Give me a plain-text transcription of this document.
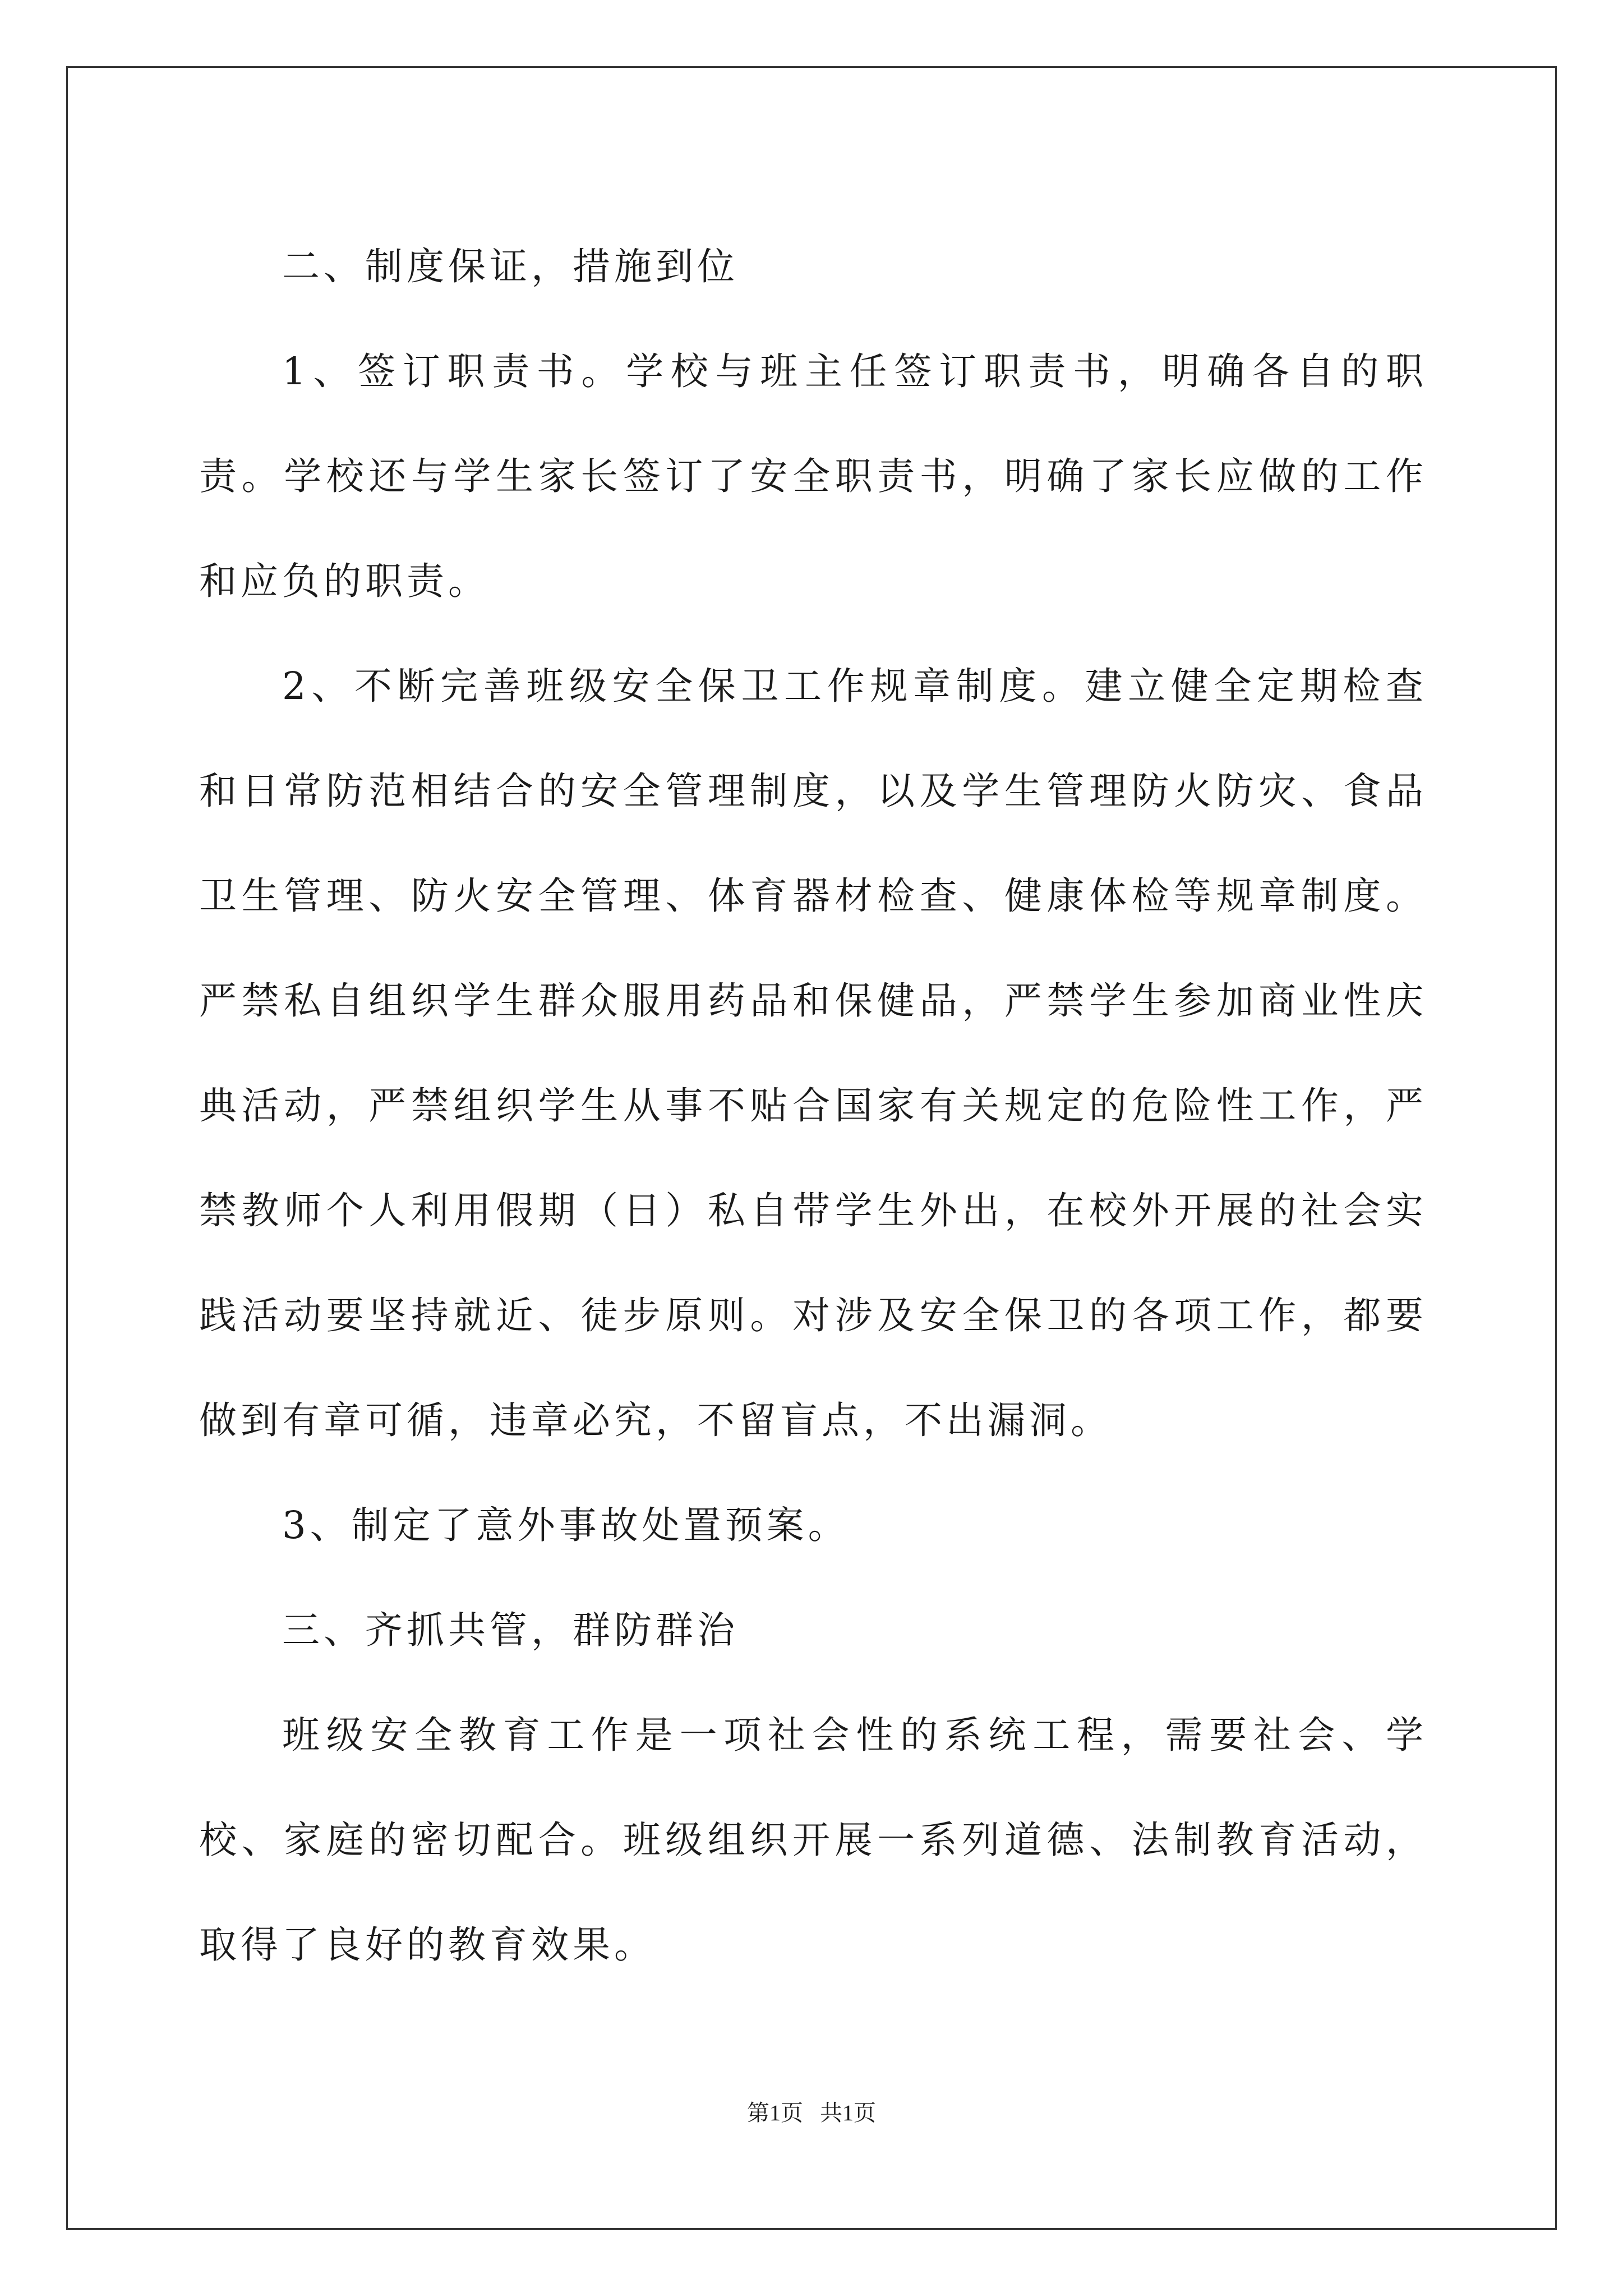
二、制度保证，措施到位

1、签订职责书。学校与班主任签订职责书，明确各自的职责。学校还与学生家长签订了安全职责书，明确了家长应做的工作和应负的职责。

2、不断完善班级安全保卫工作规章制度。建立健全定期检查和日常防范相结合的安全管理制度，以及学生管理防火防灾、食品卫生管理、防火安全管理、体育器材检查、健康体检等规章制度。严禁私自组织学生群众服用药品和保健品，严禁学生参加商业性庆典活动，严禁组织学生从事不贴合国家有关规定的危险性工作，严禁教师个人利用假期（日）私自带学生外出，在校外开展的社会实践活动要坚持就近、徒步原则。对涉及安全保卫的各项工作，都要做到有章可循，违章必究，不留盲点，不出漏洞。

3、制定了意外事故处置预案。

三、齐抓共管，群防群治

班级安全教育工作是一项社会性的系统工程，需要社会、学校、家庭的密切配合。班级组织开展一系列道德、法制教育活动，取得了良好的教育效果。

第1页   共1页
